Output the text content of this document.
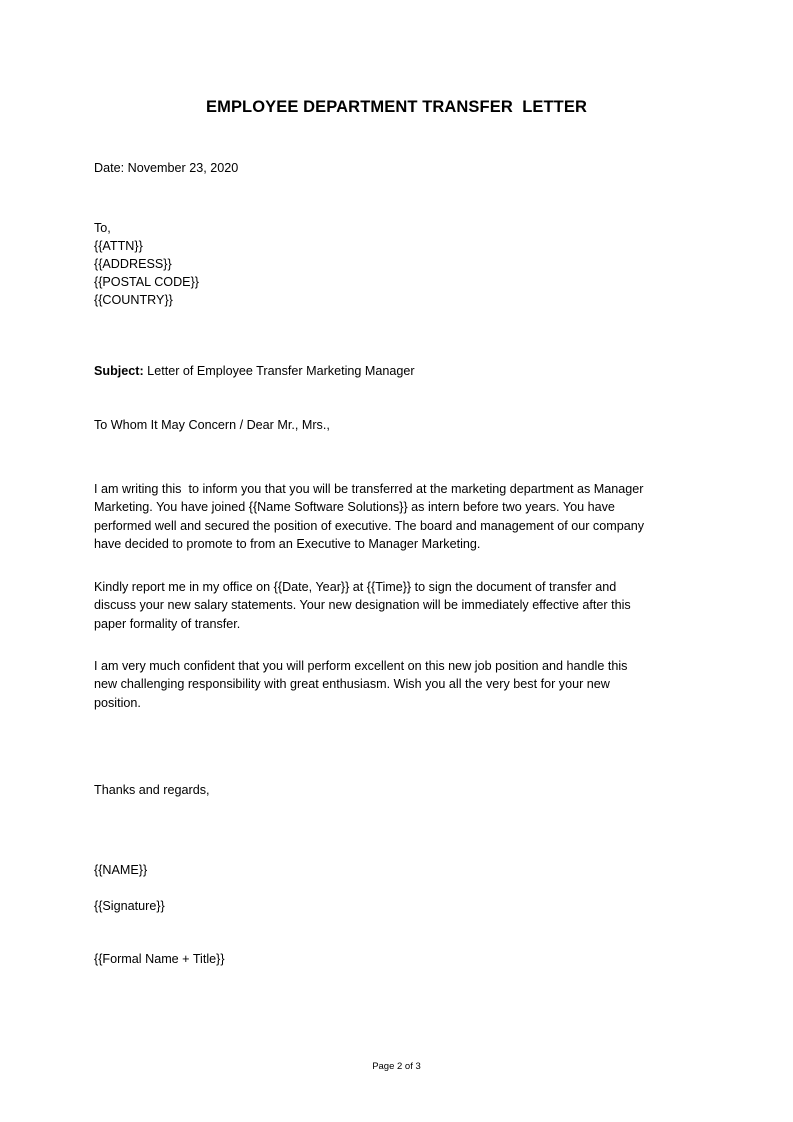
EMPLOYEE DEPARTMENT TRANSFER  LETTER
Date: November 23, 2020
To,
{{ATTN}}
{{ADDRESS}}
{{POSTAL CODE}}
{{COUNTRY}}
Subject: Letter of Employee Transfer Marketing Manager
To Whom It May Concern / Dear Mr., Mrs.,
I am writing this  to inform you that you will be transferred at the marketing department as Manager
Marketing. You have joined {{Name Software Solutions}} as intern before two years. You have
performed well and secured the position of executive. The board and management of our company
have decided to promote to from an Executive to Manager Marketing.
Kindly report me in my office on {{Date, Year}} at {{Time}} to sign the document of transfer and
discuss your new salary statements. Your new designation will be immediately effective after this
paper formality of transfer.
I am very much confident that you will perform excellent on this new job position and handle this
new challenging responsibility with great enthusiasm. Wish you all the very best for your new
position.
Thanks and regards,
{{NAME}}
{{Signature}}
{{Formal Name + Title}}
Page 2 of 3
